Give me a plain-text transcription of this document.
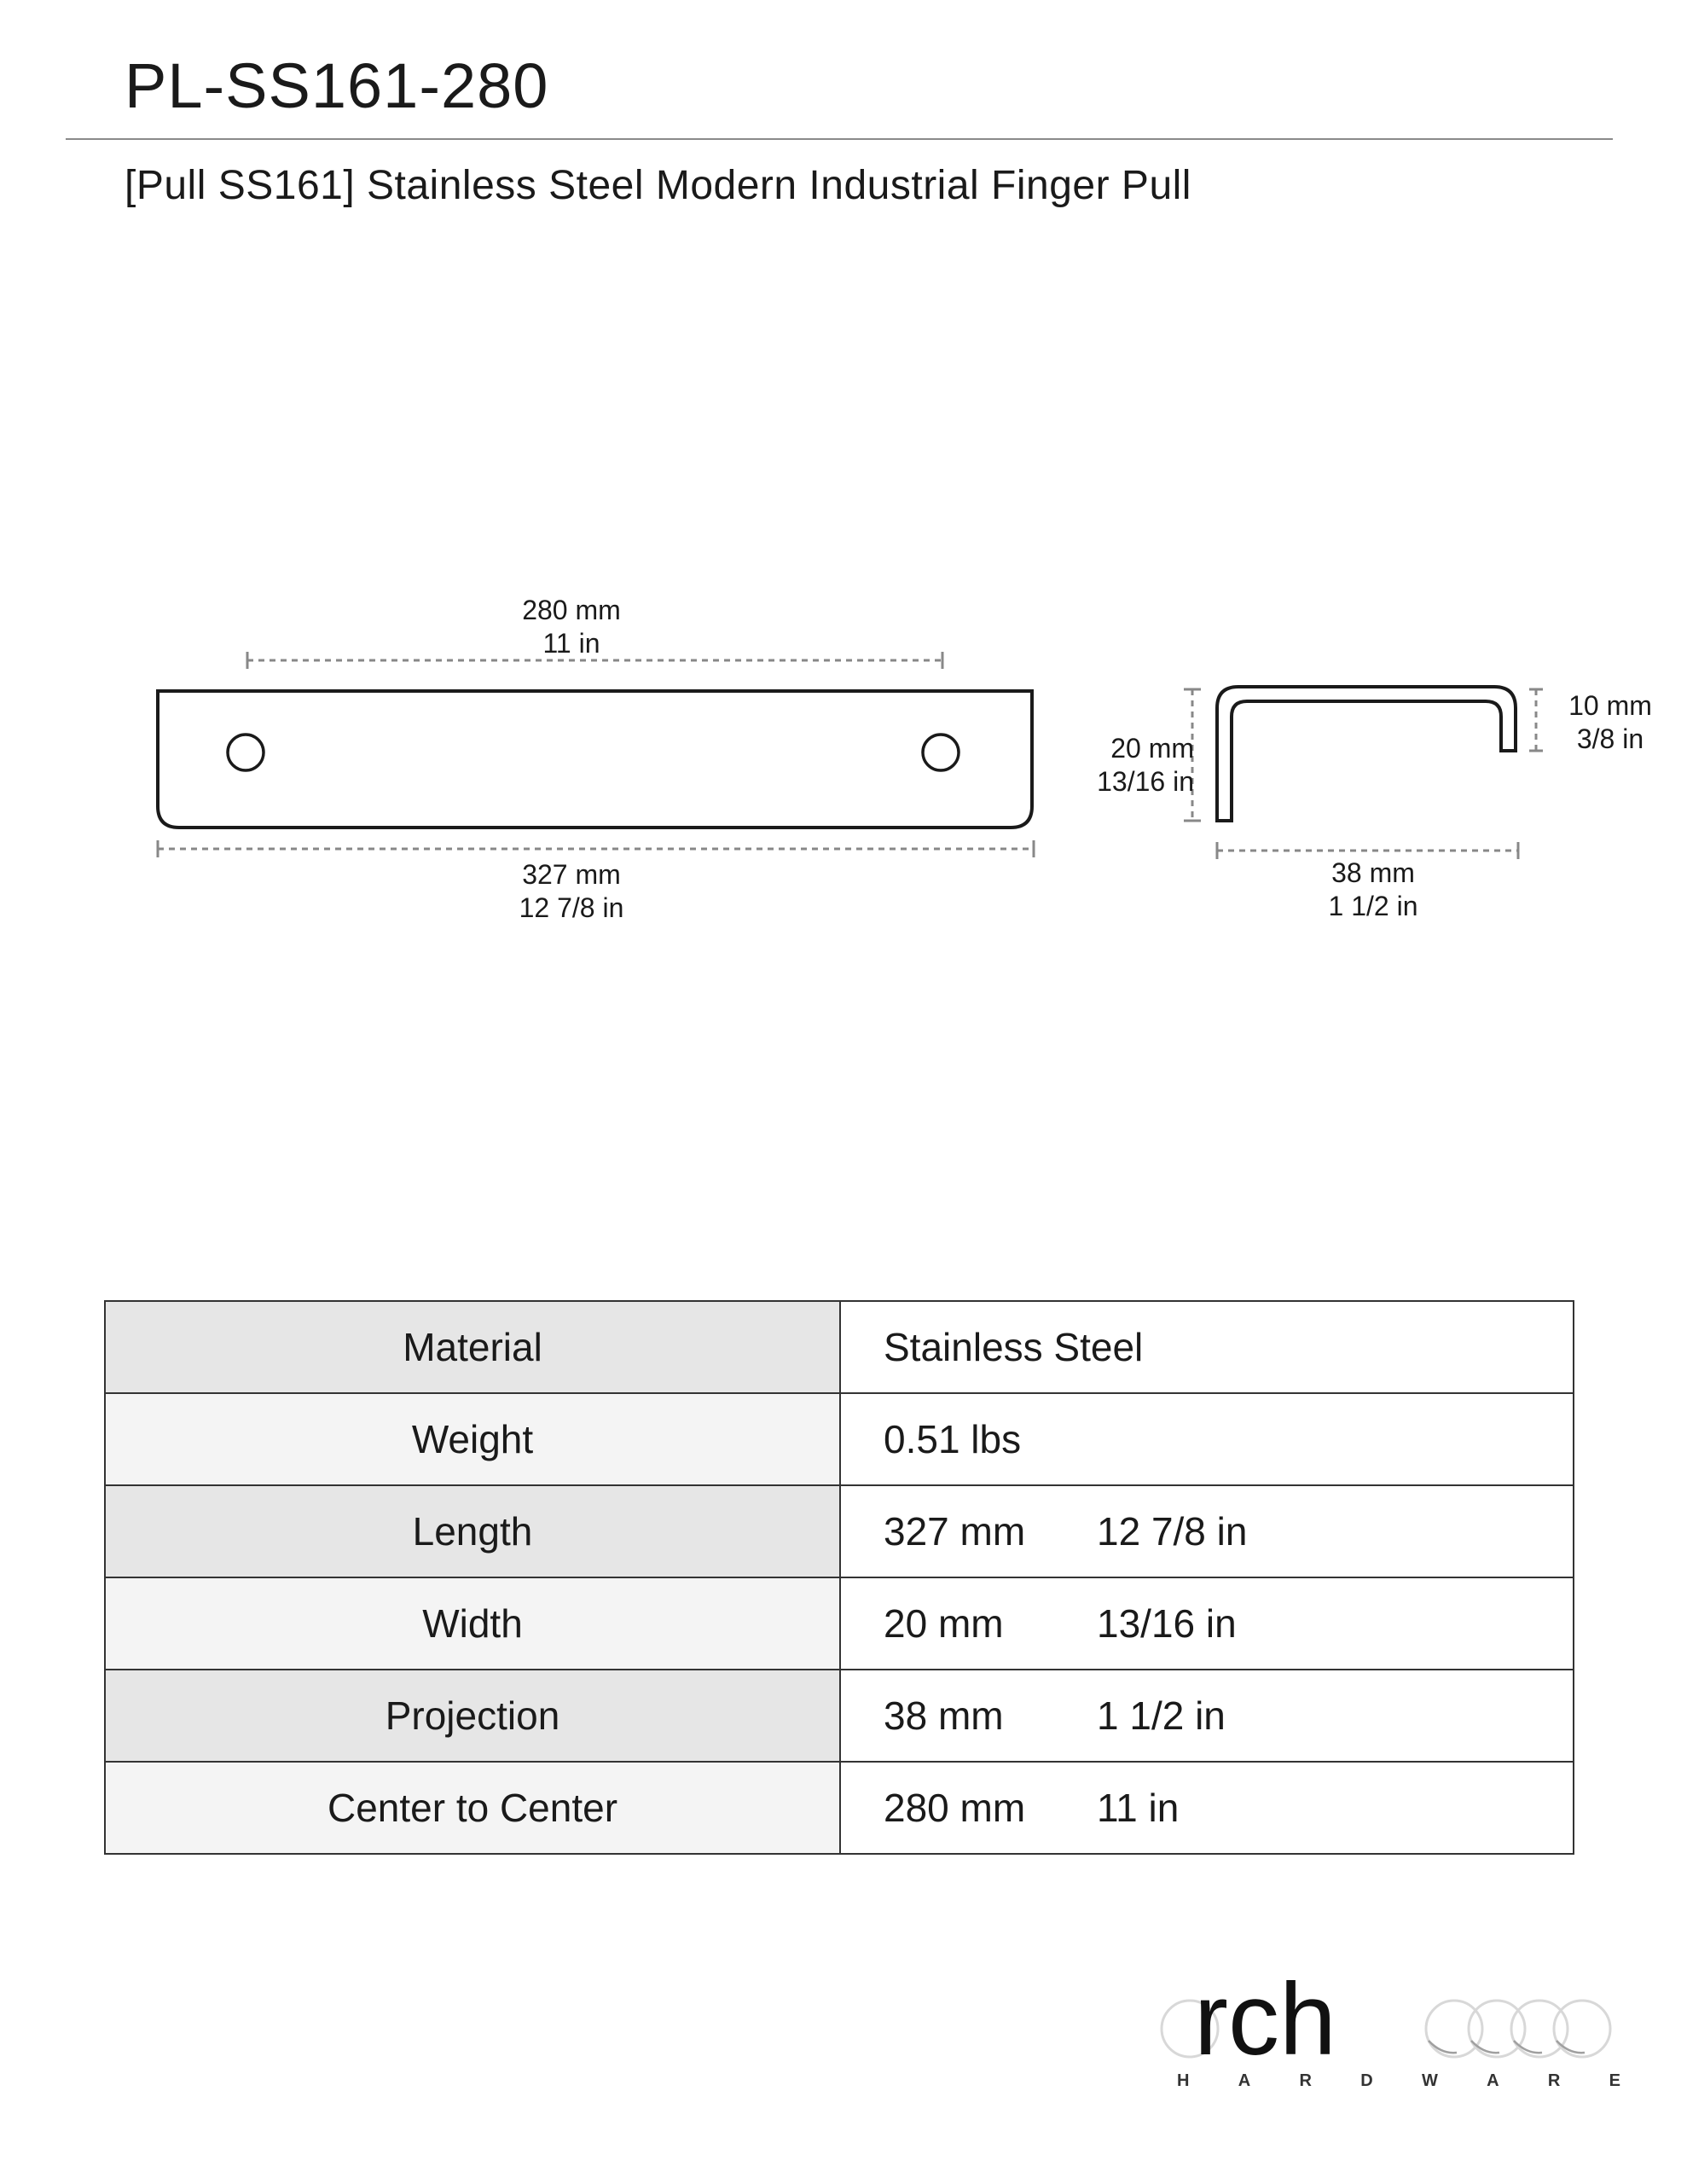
PL-SS161-280
[Pull SS161] Stainless Steel Modern Industrial Finger Pull
280 mm
11 in
327 mm
12 7/8 in
20 mm
13/16 in
10 mm
3/8 in
38 mm
1 1/2 in
Material	Stainless Steel
Weight	0.51 lbs
Length	327 mm 12 7/8 in
Width	20 mm 13/16 in
Projection	38 mm 1 1/2 in
Center to Center	280 mm 11 in
rch
H	A	R	D	W	A	R	E
